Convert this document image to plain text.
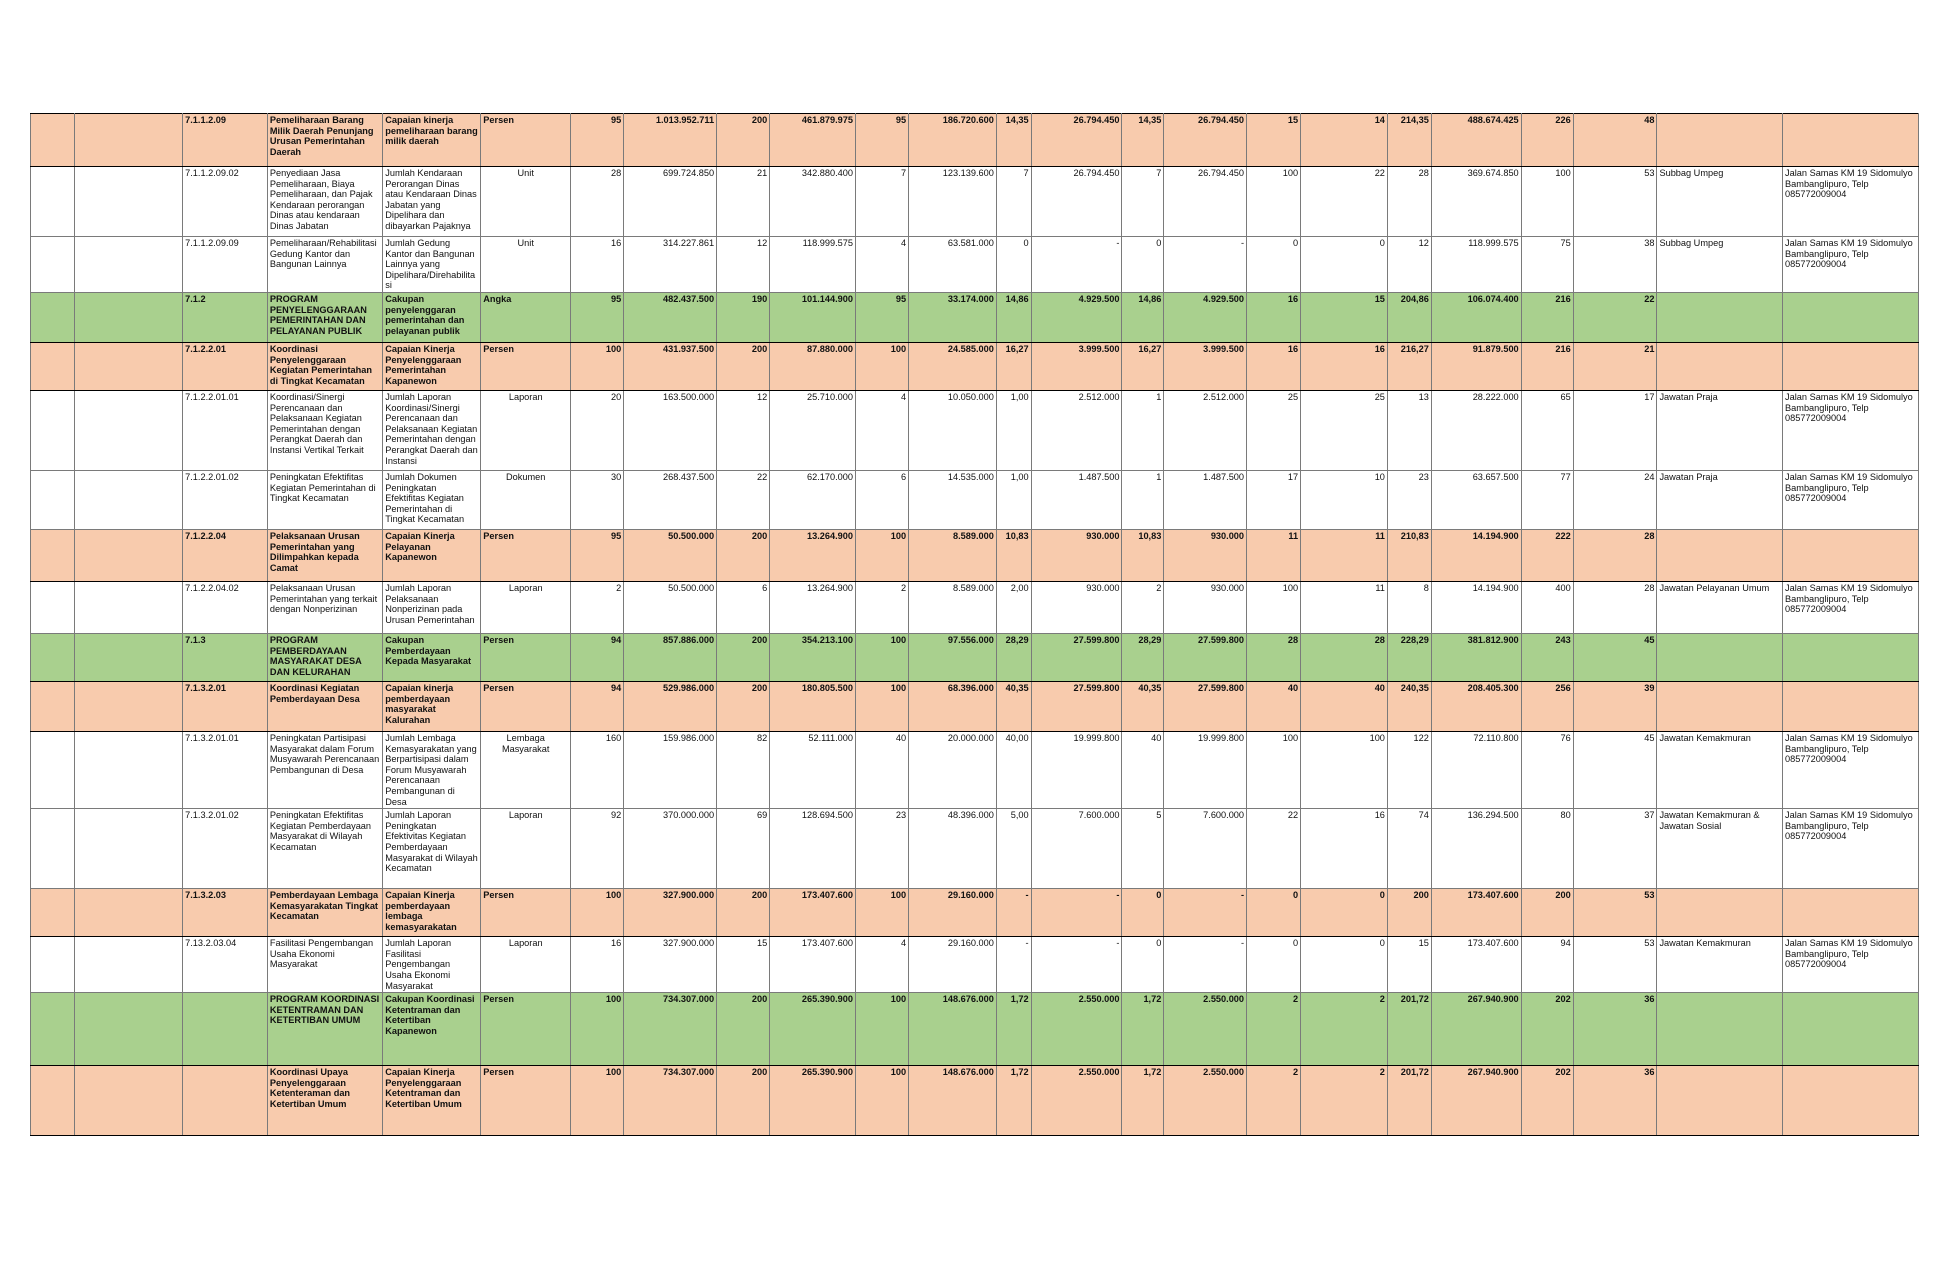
		7.1.1.2.09	Pemeliharaan Barang Milik Daerah Penunjang Urusan Pemerintahan Daerah	Capaian kinerja pemeliharaan barang milik daerah	Persen	95	1.013.952.711	200	461.879.975	95	186.720.600	14,35	26.794.450	14,35	26.794.450	15	14	214,35	488.674.425	226	48		
		7.1.1.2.09.02	Penyediaan Jasa Pemeliharaan, Biaya Pemeliharaan, dan Pajak Kendaraan perorangan Dinas atau kendaraan Dinas Jabatan	Jumlah Kendaraan Perorangan Dinas atau Kendaraan Dinas Jabatan yang Dipelihara dan dibayarkan Pajaknya	Unit	28	699.724.850	21	342.880.400	7	123.139.600	7	26.794.450	7	26.794.450	100	22	28	369.674.850	100	53	Subbag Umpeg	Jalan Samas KM 19 Sidomulyo Bambanglipuro, Telp 085772009004
		7.1.1.2.09.09	Pemeliharaan/Rehabilitasi Gedung Kantor dan Bangunan Lainnya	Jumlah Gedung Kantor dan Bangunan Lainnya yang Dipelihara/Direhabilitasi	Unit	16	314.227.861	12	118.999.575	4	63.581.000	0	-	0	-	0	0	12	118.999.575	75	38	Subbag Umpeg	Jalan Samas KM 19 Sidomulyo Bambanglipuro, Telp 085772009004
		7.1.2	PROGRAM PENYELENGGARAAN PEMERINTAHAN DAN PELAYANAN PUBLIK	Cakupan penyelenggaran pemerintahan dan pelayanan publik	Angka	95	482.437.500	190	101.144.900	95	33.174.000	14,86	4.929.500	14,86	4.929.500	16	15	204,86	106.074.400	216	22		
		7.1.2.2.01	Koordinasi Penyelenggaraan Kegiatan Pemerintahan di Tingkat Kecamatan	Capaian Kinerja Penyelenggaraan Pemerintahan Kapanewon	Persen	100	431.937.500	200	87.880.000	100	24.585.000	16,27	3.999.500	16,27	3.999.500	16	16	216,27	91.879.500	216	21		
		7.1.2.2.01.01	Koordinasi/Sinergi Perencanaan dan Pelaksanaan Kegiatan Pemerintahan dengan Perangkat Daerah dan Instansi Vertikal Terkait	Jumlah Laporan Koordinasi/Sinergi Perencanaan dan Pelaksanaan Kegiatan Pemerintahan dengan Perangkat Daerah dan Instansi	Laporan	20	163.500.000	12	25.710.000	4	10.050.000	1,00	2.512.000	1	2.512.000	25	25	13	28.222.000	65	17	Jawatan Praja	Jalan Samas KM 19 Sidomulyo Bambanglipuro, Telp 085772009004
		7.1.2.2.01.02	Peningkatan Efektifitas Kegiatan Pemerintahan di Tingkat Kecamatan	Jumlah Dokumen Peningkatan Efektifitas Kegiatan Pemerintahan di Tingkat Kecamatan	Dokumen	30	268.437.500	22	62.170.000	6	14.535.000	1,00	1.487.500	1	1.487.500	17	10	23	63.657.500	77	24	Jawatan Praja	Jalan Samas KM 19 Sidomulyo Bambanglipuro, Telp 085772009004
		7.1.2.2.04	Pelaksanaan Urusan Pemerintahan yang Dilimpahkan kepada Camat	Capaian Kinerja Pelayanan Kapanewon	Persen	95	50.500.000	200	13.264.900	100	8.589.000	10,83	930.000	10,83	930.000	11	11	210,83	14.194.900	222	28		
		7.1.2.2.04.02	Pelaksanaan Urusan Pemerintahan yang terkait dengan Nonperizinan	Jumlah Laporan Pelaksanaan Nonperizinan pada Urusan Pemerintahan	Laporan	2	50.500.000	6	13.264.900	2	8.589.000	2,00	930.000	2	930.000	100	11	8	14.194.900	400	28	Jawatan Pelayanan Umum	Jalan Samas KM 19 Sidomulyo Bambanglipuro, Telp 085772009004
		7.1.3	PROGRAM PEMBERDAYAAN MASYARAKAT DESA DAN KELURAHAN	Cakupan Pemberdayaan Kepada Masyarakat	Persen	94	857.886.000	200	354.213.100	100	97.556.000	28,29	27.599.800	28,29	27.599.800	28	28	228,29	381.812.900	243	45		
		7.1.3.2.01	Koordinasi Kegiatan Pemberdayaan Desa	Capaian kinerja pemberdayaan masyarakat Kalurahan	Persen	94	529.986.000	200	180.805.500	100	68.396.000	40,35	27.599.800	40,35	27.599.800	40	40	240,35	208.405.300	256	39		
		7.1.3.2.01.01	Peningkatan Partisipasi Masyarakat dalam Forum Musyawarah Perencanaan Pembangunan di Desa	Jumlah Lembaga Kemasyarakatan yang Berpartisipasi dalam Forum Musyawarah Perencanaan Pembangunan di Desa	Lembaga Masyarakat	160	159.986.000	82	52.111.000	40	20.000.000	40,00	19.999.800	40	19.999.800	100	100	122	72.110.800	76	45	Jawatan Kemakmuran	Jalan Samas KM 19 Sidomulyo Bambanglipuro, Telp 085772009004
		7.1.3.2.01.02	Peningkatan Efektifitas Kegiatan Pemberdayaan Masyarakat di Wilayah Kecamatan	Jumlah Laporan Peningkatan Efektivitas Kegiatan Pemberdayaan Masyarakat di Wilayah Kecamatan	Laporan	92	370.000.000	69	128.694.500	23	48.396.000	5,00	7.600.000	5	7.600.000	22	16	74	136.294.500	80	37	Jawatan Kemakmuran & Jawatan Sosial	Jalan Samas KM 19 Sidomulyo Bambanglipuro, Telp 085772009004
		7.1.3.2.03	Pemberdayaan Lembaga Kemasyarakatan Tingkat Kecamatan	Capaian Kinerja pemberdayaan lembaga kemasyarakatan	Persen	100	327.900.000	200	173.407.600	100	29.160.000	-	-	0	-	0	0	200	173.407.600	200	53		
		7.13.2.03.04	Fasilitasi Pengembangan Usaha Ekonomi Masyarakat	Jumlah Laporan Fasilitasi Pengembangan Usaha Ekonomi Masyarakat	Laporan	16	327.900.000	15	173.407.600	4	29.160.000	-	-	0	-	0	0	15	173.407.600	94	53	Jawatan Kemakmuran	Jalan Samas KM 19 Sidomulyo Bambanglipuro, Telp 085772009004
			PROGRAM KOORDINASI KETENTRAMAN DAN KETERTIBAN UMUM	Cakupan Koordinasi Ketentraman dan Ketertiban Kapanewon	Persen	100	734.307.000	200	265.390.900	100	148.676.000	1,72	2.550.000	1,72	2.550.000	2	2	201,72	267.940.900	202	36		
			Koordinasi Upaya Penyelenggaraan Ketenteraman dan Ketertiban Umum	Capaian Kinerja Penyelenggaraan Ketentraman dan Ketertiban Umum	Persen	100	734.307.000	200	265.390.900	100	148.676.000	1,72	2.550.000	1,72	2.550.000	2	2	201,72	267.940.900	202	36		
